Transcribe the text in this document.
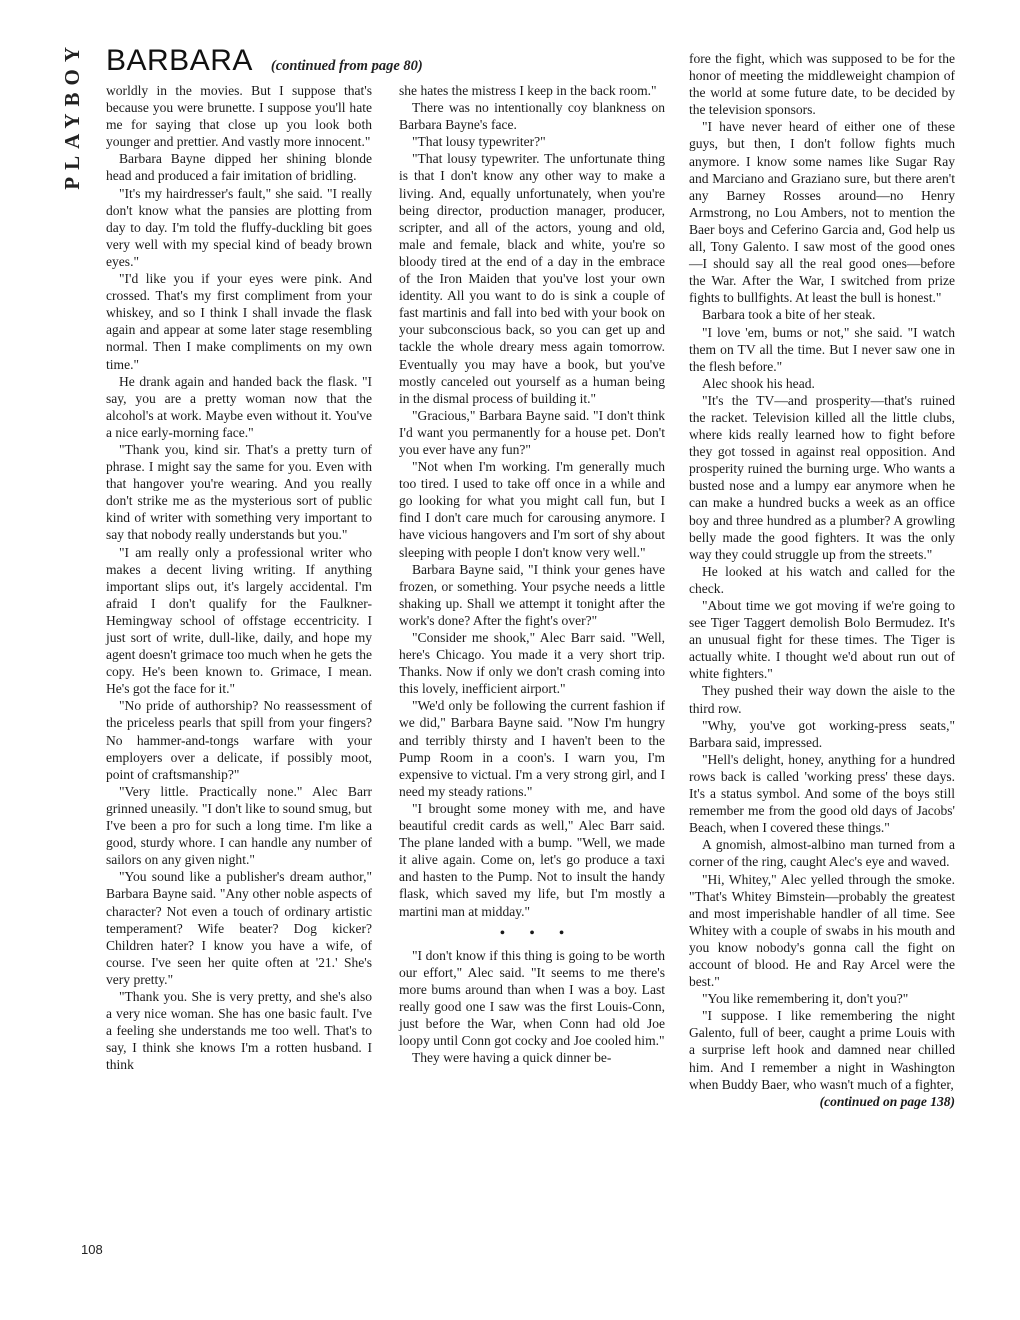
PLAYBOY BARBARA (continued from page 80)

worldly in the movies. But I suppose that's because you were brunette. I suppose you'll hate me for saying that close up you look both younger and prettier. And vastly more innocent."

Barbara Bayne dipped her shining blonde head and produced a fair imitation of bridling.

"It's my hairdresser's fault," she said. "I really don't know what the pansies are plotting from day to day. I'm told the fluffy-duckling bit goes very well with my special kind of beady brown eyes."

"I'd like you if your eyes were pink. And crossed. That's my first compliment from your whiskey, and so I think I shall invade the flask again and appear at some later stage resembling normal. Then I make compliments on my own time."

He drank again and handed back the flask. "I say, you are a pretty woman now that the alcohol's at work. Maybe even without it. You've a nice early-morning face."

"Thank you, kind sir. That's a pretty turn of phrase. I might say the same for you. Even with that hangover you're wearing. And you really don't strike me as the mysterious sort of public kind of writer with something very important to say that nobody really understands but you."

"I am really only a professional writer who makes a decent living writing. If anything important slips out, it's largely accidental. I'm afraid I don't qualify for the Faulkner-Hemingway school of offstage eccentricity. I just sort of write, dull-like, daily, and hope my agent doesn't grimace too much when he gets the copy. He's been known to. Grimace, I mean. He's got the face for it."

"No pride of authorship? No reassessment of the priceless pearls that spill from your fingers? No hammer-and-tongs warfare with your employers over a delicate, if possibly moot, point of craftsmanship?"

"Very little. Practically none." Alec Barr grinned uneasily. "I don't like to sound smug, but I've been a pro for such a long time. I'm like a good, sturdy whore. I can handle any number of sailors on any given night."

"You sound like a publisher's dream author," Barbara Bayne said. "Any other noble aspects of character? Not even a touch of ordinary artistic temperament? Wife beater? Dog kicker? Children hater? I know you have a wife, of course. I've seen her quite often at '21.' She's very pretty."

"Thank you. She is very pretty, and she's also a very nice woman. She has one basic fault. I've a feeling she understands me too well. That's to say, I think she knows I'm a rotten husband. I think

she hates the mistress I keep in the back room."

There was no intentionally coy blankness on Barbara Bayne's face.

"That lousy typewriter?"

"That lousy typewriter. The unfortunate thing is that I don't know any other way to make a living. And, equally unfortunately, when you're being director, production manager, producer, scripter, and all of the actors, young and old, male and female, black and white, you're so bloody tired at the end of a day in the embrace of the Iron Maiden that you've lost your own identity. All you want to do is sink a couple of fast martinis and fall into bed with your book on your subconscious back, so you can get up and tackle the whole dreary mess again tomorrow. Eventually you may have a book, but you've mostly canceled out yourself as a human being in the dismal process of building it."

"Gracious," Barbara Bayne said. "I don't think I'd want you permanently for a house pet. Don't you ever have any fun?"

"Not when I'm working. I'm generally much too tired. I used to take off once in a while and go looking for what you might call fun, but I find I don't care much for carousing anymore. I have vicious hangovers and I'm sort of shy about sleeping with people I don't know very well."

Barbara Bayne said, "I think your genes have frozen, or something. Your psyche needs a little shaking up. Shall we attempt it tonight after the work's done? After the fight's over?"

"Consider me shook," Alec Barr said. "Well, here's Chicago. You made it a very short trip. Thanks. Now if only we don't crash coming into this lovely, inefficient airport."

"We'd only be following the current fashion if we did," Barbara Bayne said. "Now I'm hungry and terribly thirsty and I haven't been to the Pump Room in a coon's. I warn you, I'm expensive to victual. I'm a very strong girl, and I need my steady rations."

"I brought some money with me, and have beautiful credit cards as well," Alec Barr said. The plane landed with a bump. "Well, we made it alive again. Come on, let's go produce a taxi and hasten to the Pump. Not to insult the handy flask, which saved my life, but I'm mostly a martini man at midday."

• • •

"I don't know if this thing is going to be worth our effort," Alec said. "It seems to me there's more bums around than when I was a boy. Last really good one I saw was the first Louis-Conn, just before the War, when Conn had old Joe loopy until Conn got cocky and Joe cooled him."

They were having a quick dinner be-

fore the fight, which was supposed to be for the honor of meeting the middleweight champion of the world at some future date, to be decided by the television sponsors.

"I have never heard of either one of these guys, but then, I don't follow fights much anymore. I know some names like Sugar Ray and Marciano and Graziano sure, but there aren't any Barney Rosses around—no Henry Armstrong, no Lou Ambers, not to mention the Baer boys and Ceferino Garcia and, God help us all, Tony Galento. I saw most of the good ones—I should say all the real good ones—before the War. After the War, I switched from prize fights to bullfights. At least the bull is honest."

Barbara took a bite of her steak.

"I love 'em, bums or not," she said. "I watch them on TV all the time. But I never saw one in the flesh before."

Alec shook his head.

"It's the TV—and prosperity—that's ruined the racket. Television killed all the little clubs, where kids really learned how to fight before they got tossed in against real opposition. And prosperity ruined the burning urge. Who wants a busted nose and a lumpy ear anymore when he can make a hundred bucks a week as an office boy and three hundred as a plumber? A growling belly made the good fighters. It was the only way they could struggle up from the streets."

He looked at his watch and called for the check.

"About time we got moving if we're going to see Tiger Taggert demolish Bolo Bermudez. It's an unusual fight for these times. The Tiger is actually white. I thought we'd about run out of white fighters."

They pushed their way down the aisle to the third row.

"Why, you've got working-press seats," Barbara said, impressed.

"Hell's delight, honey, anything for a hundred rows back is called 'working press' these days. It's a status symbol. And some of the boys still remember me from the good old days of Jacobs' Beach, when I covered these things."

A gnomish, almost-albino man turned from a corner of the ring, caught Alec's eye and waved.

"Hi, Whitey," Alec yelled through the smoke. "That's Whitey Bimstein—probably the greatest and most imperishable handler of all time. See Whitey with a couple of swabs in his mouth and you know nobody's gonna call the fight on account of blood. He and Ray Arcel were the best."

"You like remembering it, don't you?"

"I suppose. I like remembering the night Galento, full of beer, caught a prime Louis with a surprise left hook and damned near chilled him. And I remember a night in Washington when Buddy Baer, who wasn't much of a fighter,

(continued on page 138)
108
